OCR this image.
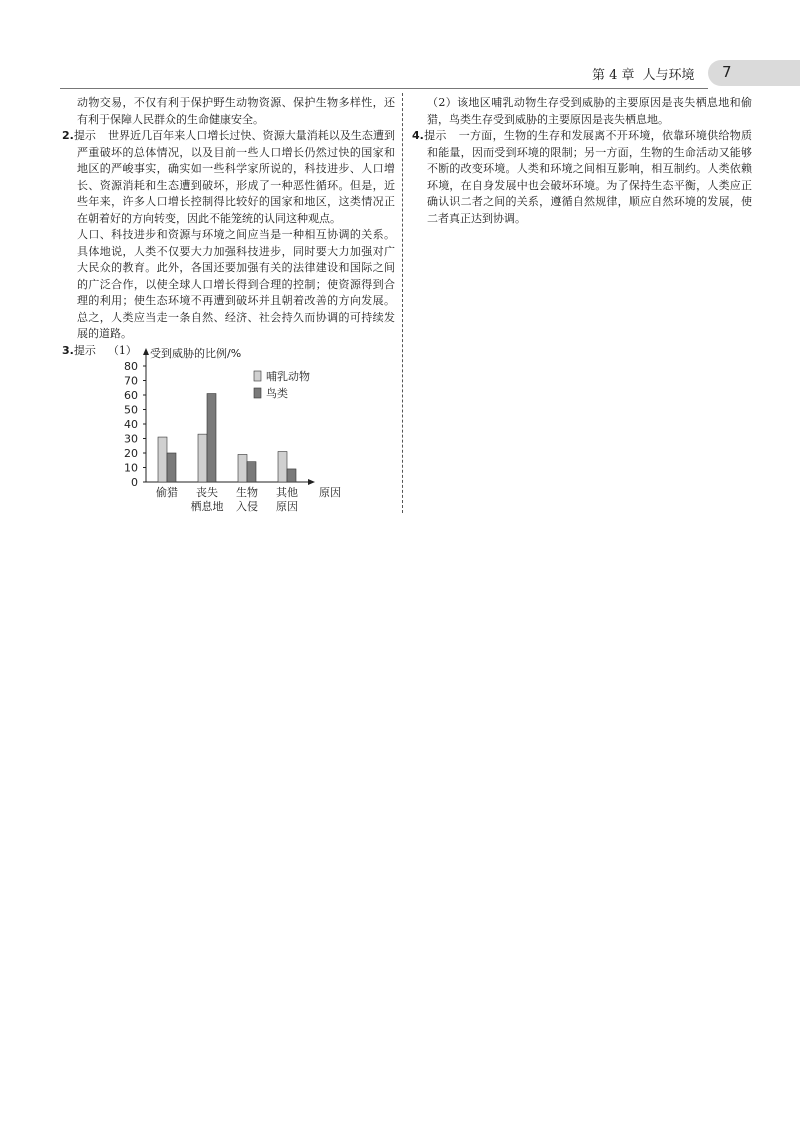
第 4 章 人与环境 7

动物交易，不仅有利于保护野生动物资源、保护生物多样性，还有利于保障人民群众的生命健康安全。

2.提示 世界近几百年来人口增长过快、资源大量消耗以及生态遭到严重破坏的总体情况，以及目前一些人口增长仍然过快的国家和地区的严峻事实，确实如一些科学家所说的，科技进步、人口增长、资源消耗和生态遭到破坏，形成了一种恶性循环。但是，近些年来，许多人口增长控制得比较好的国家和地区，这类情况正在朝着好的方向转变，因此不能笼统的认同这种观点。

人口、科技进步和资源与环境之间应当是一种相互协调的关系。具体地说，人类不仅要大力加强科技进步，同时要大力加强对广大民众的教育。此外，各国还要加强有关的法律建设和国际之间的广泛合作，以使全球人口增长得到合理的控制；使资源得到合理的利用；使生态环境不再遭到破坏并且朝着改善的方向发展。总之，人类应当走一条自然、经济、社会持久而协调的可持续发展的道路。

3.提示 （1）	受到威胁的比例/%
0
10
20
30
40
50
60
70
80
偷猎 丧失
栖息地
生物
入侵
其他
原因
原因
哺乳动物
鸟类

（2）该地区哺乳动物生存受到威胁的主要原因是丧失栖息地和偷猎，鸟类生存受到威胁的主要原因是丧失栖息地。

4.提示 一方面，生物的生存和发展离不开环境，依靠环境供给物质和能量，因而受到环境的限制；另一方面，生物的生命活动又能够不断的改变环境。人类和环境之间相互影响，相互制约。人类依赖环境，在自身发展中也会破坏环境。为了保持生态平衡，人类应正确认识二者之间的关系，遵循自然规律，顺应自然环境的发展，使二者真正达到协调。
